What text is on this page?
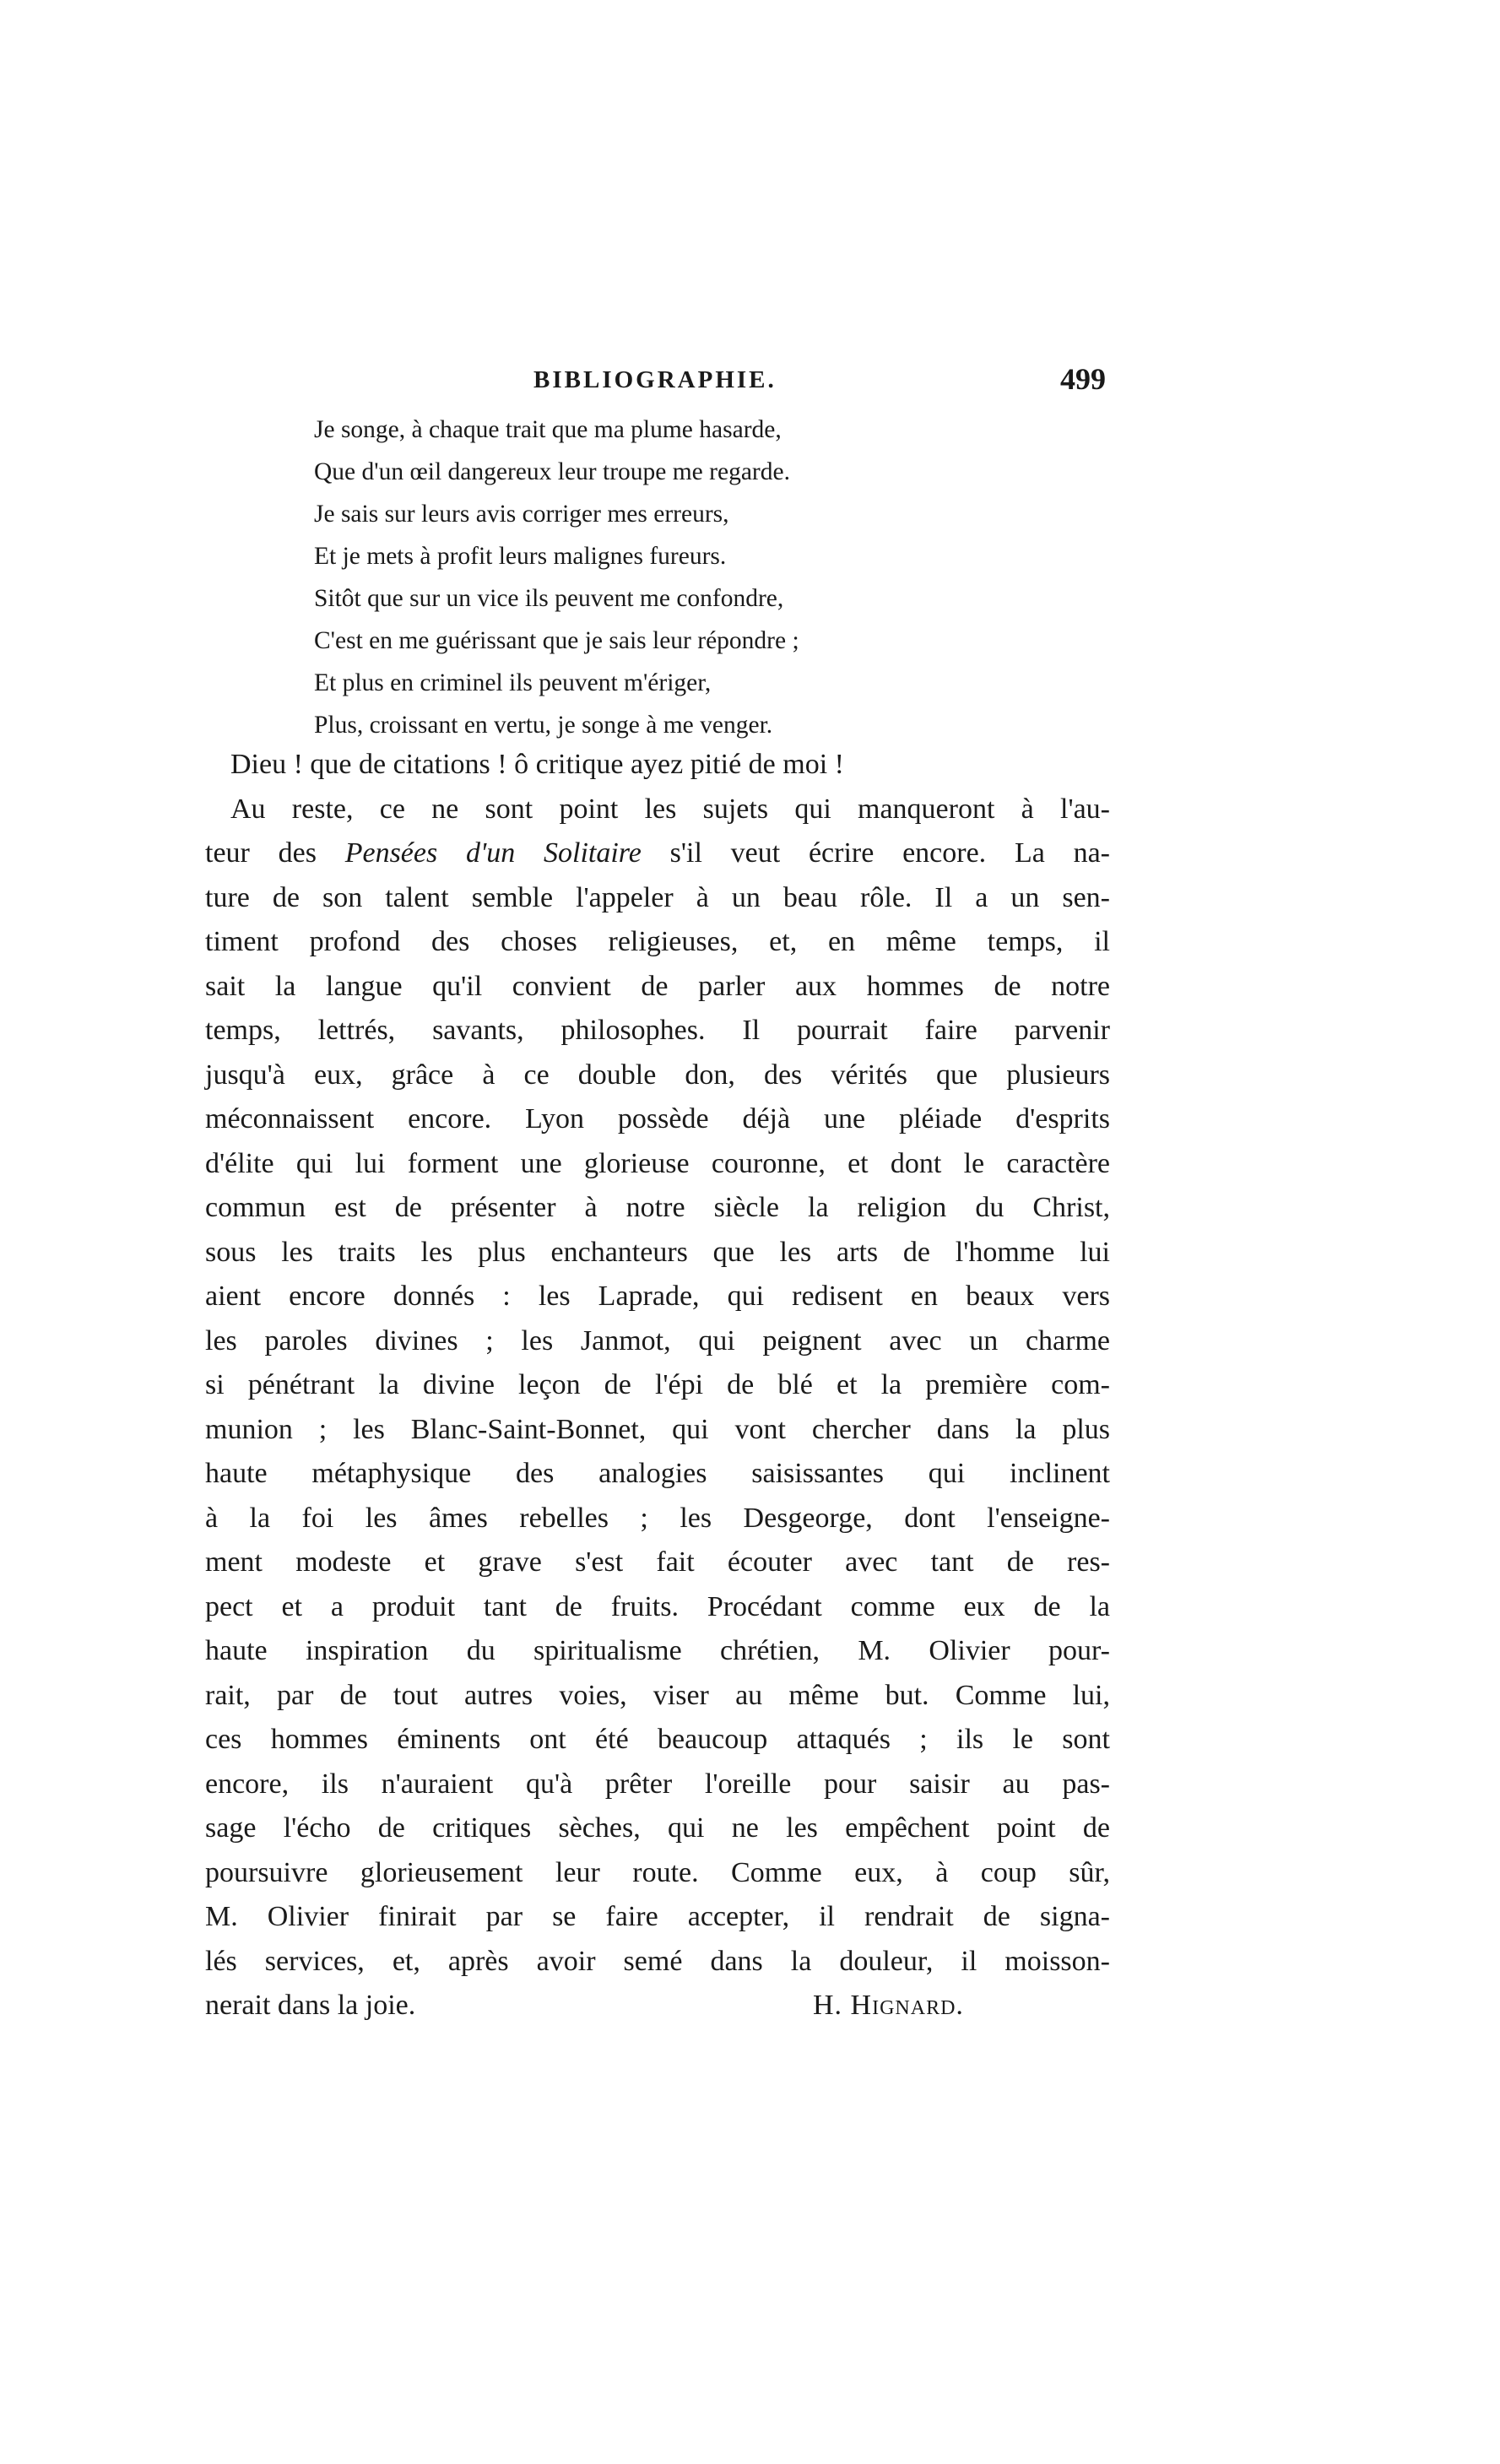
BIBLIOGRAPHIE.	499
Je songe, à chaque trait que ma plume hasarde,
Que d'un œil dangereux leur troupe me regarde.
Je sais sur leurs avis corriger mes erreurs,
Et je mets à profit leurs malignes fureurs.
Sitôt que sur un vice ils peuvent me confondre,
C'est en me guérissant que je sais leur répondre ;
Et plus en criminel ils peuvent m'ériger,
Plus, croissant en vertu, je songe à me venger.
Dieu ! que de citations ! ô critique ayez pitié de moi !
Au reste, ce ne sont point les sujets qui manqueront à l'au-
teur des Pensées d'un Solitaire s'il veut écrire encore. La na-
ture de son talent semble l'appeler à un beau rôle. Il a un sen-
timent profond des choses religieuses, et, en même temps, il
sait la langue qu'il convient de parler aux hommes de notre
temps, lettrés, savants, philosophes. Il pourrait faire parvenir
jusqu'à eux, grâce à ce double don, des vérités que plusieurs
méconnaissent encore. Lyon possède déjà une pléiade d'esprits
d'élite qui lui forment une glorieuse couronne, et dont le caractère
commun est de présenter à notre siècle la religion du Christ,
sous les traits les plus enchanteurs que les arts de l'homme lui
aient encore donnés : les Laprade, qui redisent en beaux vers
les paroles divines ; les Janmot, qui peignent avec un charme
si pénétrant la divine leçon de l'épi de blé et la première com-
munion ; les Blanc-Saint-Bonnet, qui vont chercher dans la plus
haute métaphysique des analogies saisissantes qui inclinent
à la foi les âmes rebelles ; les Desgeorge, dont l'enseigne-
ment modeste et grave s'est fait écouter avec tant de res-
pect et a produit tant de fruits. Procédant comme eux de la
haute inspiration du spiritualisme chrétien, M. Olivier pour-
rait, par de tout autres voies, viser au même but. Comme lui,
ces hommes éminents ont été beaucoup attaqués ; ils le sont
encore, ils n'auraient qu'à prêter l'oreille pour saisir au pas-
sage l'écho de critiques sèches, qui ne les empêchent point de
poursuivre glorieusement leur route. Comme eux, à coup sûr,
M. Olivier finirait par se faire accepter, il rendrait de signa-
lés services, et, après avoir semé dans la douleur, il moisson-
nerait dans la joie.	H. Hignard.
